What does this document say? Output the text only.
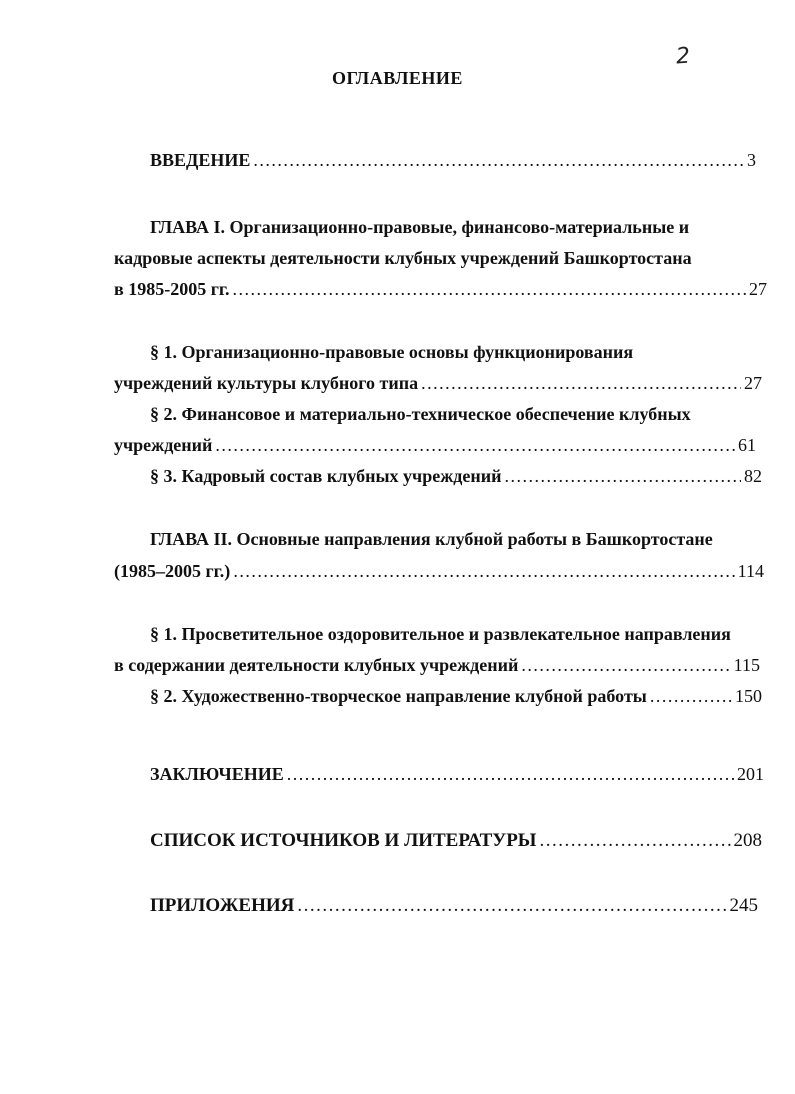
2
ОГЛАВЛЕНИЕ
ВВЕДЕНИЕ .....	3
ГЛАВА I. Организационно-правовые, финансово-материальные и
кадровые аспекты деятельности клубных учреждений Башкортостана
в 1985-2005 гг. .....	27
§ 1. Организационно-правовые основы функционирования
учреждений культуры клубного типа .....	27
§ 2. Финансовое и материально-техническое обеспечение клубных
учреждений .....	61
§ 3. Кадровый состав клубных учреждений .....	82
ГЛАВА II. Основные направления клубной работы в Башкортостане
(1985–2005 гг.) .....	114
§ 1. Просветительное оздоровительное и развлекательное направления
в содержании деятельности клубных учреждений .....	115
§ 2. Художественно-творческое направление клубной работы .....	150
ЗАКЛЮЧЕНИЕ .....	201
СПИСОК ИСТОЧНИКОВ И ЛИТЕРАТУРЫ .....	208
ПРИЛОЖЕНИЯ .....	245
